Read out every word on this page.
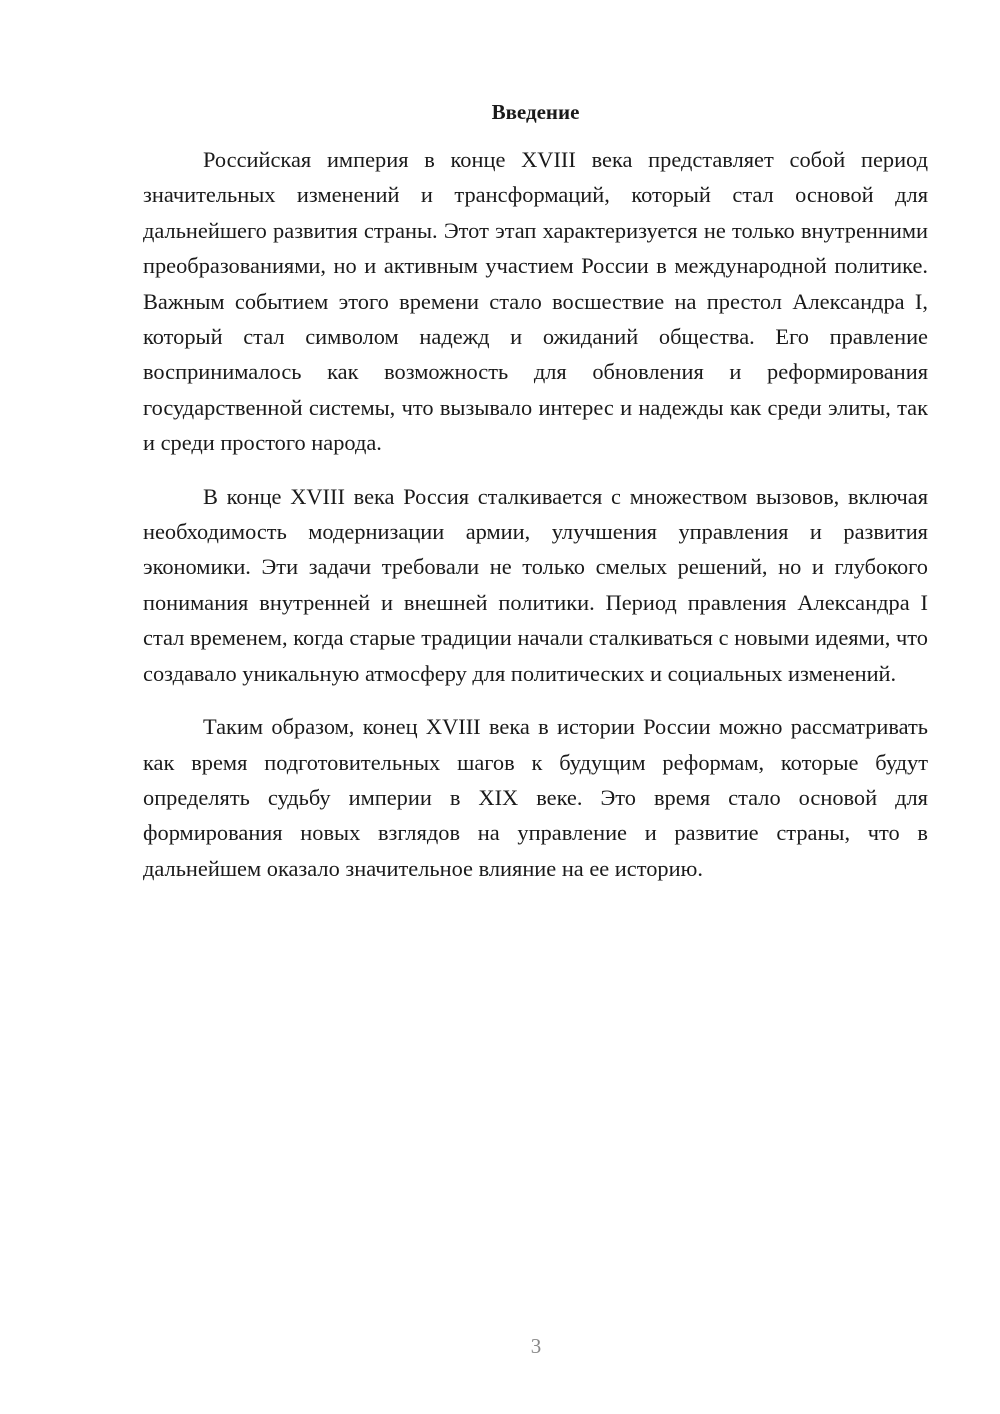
Введение

Российская империя в конце XVIII века представляет собой период значительных изменений и трансформаций, который стал основой для дальнейшего развития страны. Этот этап характеризуется не только внутренними преобразованиями, но и активным участием России в международной политике. Важным событием этого времени стало восшествие на престол Александра I, который стал символом надежд и ожиданий общества. Его правление воспринималось как возможность для обновления и реформирования государственной системы, что вызывало интерес и надежды как среди элиты, так и среди простого народа.

В конце XVIII века Россия сталкивается с множеством вызовов, включая необходимость модернизации армии, улучшения управления и развития экономики. Эти задачи требовали не только смелых решений, но и глубокого понимания внутренней и внешней политики. Период правления Александра I стал временем, когда старые традиции начали сталкиваться с новыми идеями, что создавало уникальную атмосферу для политических и социальных изменений.

Таким образом, конец XVIII века в истории России можно рассматривать как время подготовительных шагов к будущим реформам, которые будут определять судьбу империи в XIX веке. Это время стало основой для формирования новых взглядов на управление и развитие страны, что в дальнейшем оказало значительное влияние на ее историю.

3
